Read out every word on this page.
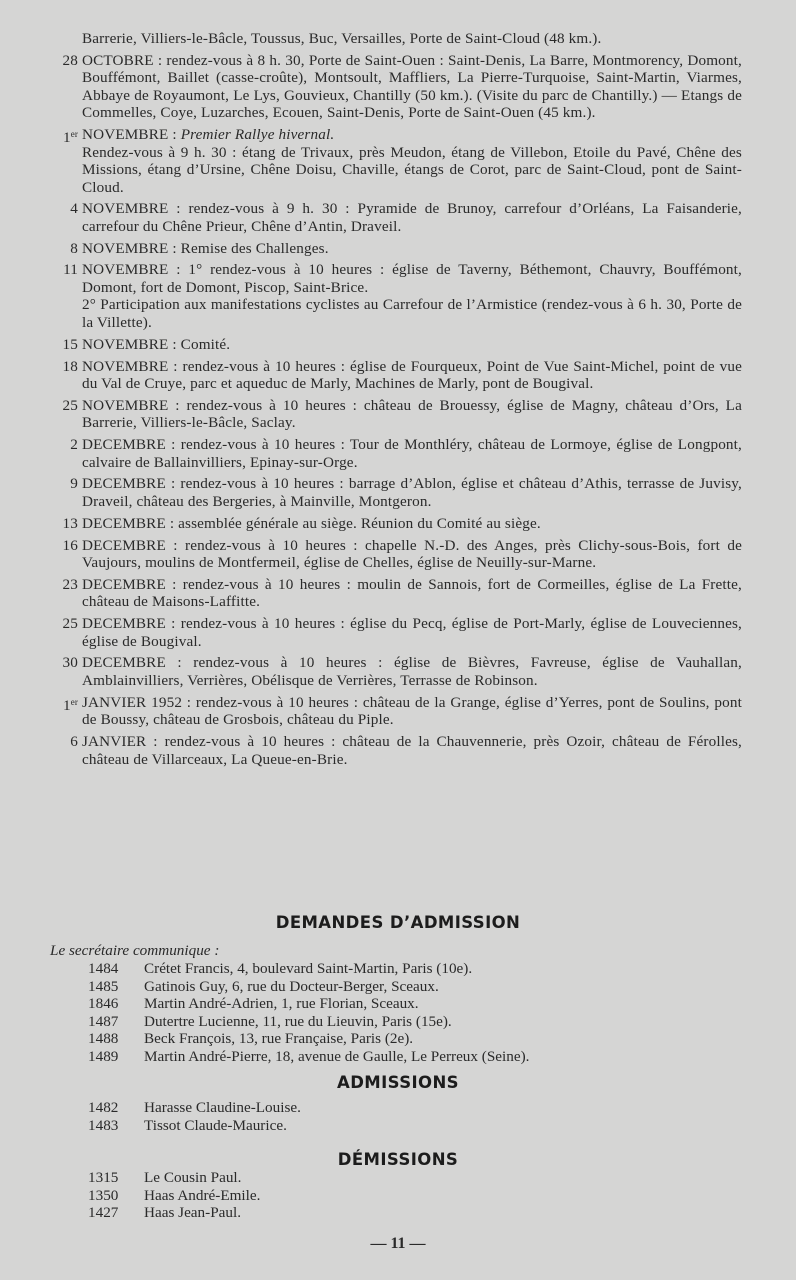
Barrerie, Villiers-le-Bâcle, Toussus, Buc, Versailles, Porte de Saint-Cloud (48 km.).

28 OCTOBRE : rendez-vous à 8 h. 30, Porte de Saint-Ouen : Saint-Denis, La Barre, Montmorency, Domont, Bouffémont, Baillet (casse-croûte), Montsoult, Maffliers, La Pierre-Turquoise, Saint-Martin, Viarmes, Abbaye de Royaumont, Le Lys, Gouvieux, Chantilly (50 km.). (Visite du parc de Chantilly.) — Etangs de Commelles, Coye, Luzarches, Ecouen, Saint-Denis, Porte de Saint-Ouen (45 km.).

1er NOVEMBRE : Premier Rallye hivernal.

Rendez-vous à 9 h. 30 : étang de Trivaux, près Meudon, étang de Villebon, Etoile du Pavé, Chêne des Missions, étang d’Ursine, Chêne Doisu, Chaville, étangs de Corot, parc de Saint-Cloud, pont de Saint-Cloud.

4 NOVEMBRE : rendez-vous à 9 h. 30 : Pyramide de Brunoy, carrefour d’Orléans, La Faisanderie, carrefour du Chêne Prieur, Chêne d’Antin, Draveil.

8 NOVEMBRE : Remise des Challenges.

11 NOVEMBRE : 1° rendez-vous à 10 heures : église de Taverny, Béthemont, Chauvry, Bouffémont, Domont, fort de Domont, Piscop, Saint-Brice.

2° Participation aux manifestations cyclistes au Carrefour de l’Armistice (rendez-vous à 6 h. 30, Porte de la Villette).

15 NOVEMBRE : Comité.

18 NOVEMBRE : rendez-vous à 10 heures : église de Fourqueux, Point de Vue Saint-Michel, point de vue du Val de Cruye, parc et aqueduc de Marly, Machines de Marly, pont de Bougival.

25 NOVEMBRE : rendez-vous à 10 heures : château de Brouessy, église de Magny, château d’Ors, La Barrerie, Villiers-le-Bâcle, Saclay.

2 DECEMBRE : rendez-vous à 10 heures : Tour de Monthléry, château de Lormoye, église de Longpont, calvaire de Ballainvilliers, Epinay-sur-Orge.

9 DECEMBRE : rendez-vous à 10 heures : barrage d’Ablon, église et château d’Athis, terrasse de Juvisy, Draveil, château des Bergeries, à Mainville, Montgeron.

13 DECEMBRE : assemblée générale au siège. Réunion du Comité au siège.

16 DECEMBRE : rendez-vous à 10 heures : chapelle N.-D. des Anges, près Clichy-sous-Bois, fort de Vaujours, moulins de Montfermeil, église de Chelles, église de Neuilly-sur-Marne.

23 DECEMBRE : rendez-vous à 10 heures : moulin de Sannois, fort de Cormeilles, église de La Frette, château de Maisons-Laffitte.

25 DECEMBRE : rendez-vous à 10 heures : église du Pecq, église de Port-Marly, église de Louveciennes, église de Bougival.

30 DECEMBRE : rendez-vous à 10 heures : église de Bièvres, Favreuse, église de Vauhallan, Amblainvilliers, Verrières, Obélisque de Verrières, Terrasse de Robinson.

1er JANVIER 1952 : rendez-vous à 10 heures : château de la Grange, église d’Yerres, pont de Soulins, pont de Boussy, château de Grosbois, château du Piple.

6 JANVIER : rendez-vous à 10 heures : château de la Chauvennerie, près Ozoir, château de Férolles, château de Villarceaux, La Queue-en-Brie.

DEMANDES D’ADMISSION
Le secrétaire communique :
1484	Crétet Francis, 4, boulevard Saint-Martin, Paris (10e).
1485	Gatinois Guy, 6, rue du Docteur-Berger, Sceaux.
1846	Martin André-Adrien, 1, rue Florian, Sceaux.
1487	Dutertre Lucienne, 11, rue du Lieuvin, Paris (15e).
1488	Beck François, 13, rue Française, Paris (2e).
1489	Martin André-Pierre, 18, avenue de Gaulle, Le Perreux (Seine).
ADMISSIONS
1482	Harasse Claudine-Louise.
1483	Tissot Claude-Maurice.
DÉMISSIONS
1315	Le Cousin Paul.
1350	Haas André-Emile.
1427	Haas Jean-Paul.
— 11 —
